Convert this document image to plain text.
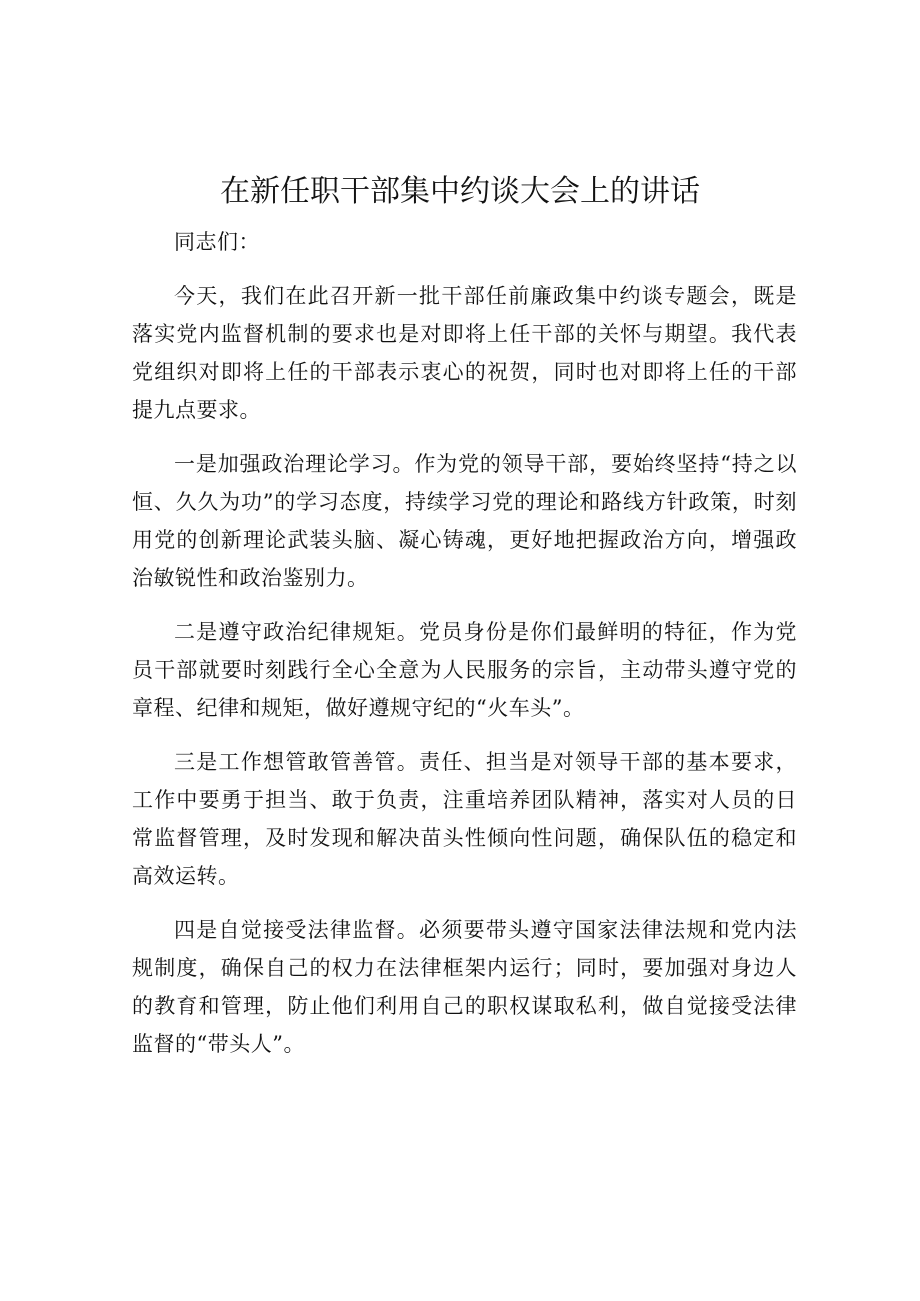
在新任职干部集中约谈大会上的讲话

同志们：

今天，我们在此召开新一批干部任前廉政集中约谈专题会，既是落实党内监督机制的要求也是对即将上任干部的关怀与期望。我代表党组织对即将上任的干部表示衷心的祝贺，同时也对即将上任的干部提九点要求。

一是加强政治理论学习。作为党的领导干部，要始终坚持“持之以恒、久久为功”的学习态度，持续学习党的理论和路线方针政策，时刻用党的创新理论武装头脑、凝心铸魂，更好地把握政治方向，增强政治敏锐性和政治鉴别力。

二是遵守政治纪律规矩。党员身份是你们最鲜明的特征，作为党员干部就要时刻践行全心全意为人民服务的宗旨，主动带头遵守党的章程、纪律和规矩，做好遵规守纪的“火车头”。

三是工作想管敢管善管。责任、担当是对领导干部的基本要求，工作中要勇于担当、敢于负责，注重培养团队精神，落实对人员的日常监督管理，及时发现和解决苗头性倾向性问题，确保队伍的稳定和高效运转。

四是自觉接受法律监督。必须要带头遵守国家法律法规和党内法规制度，确保自己的权力在法律框架内运行；同时，要加强对身边人的教育和管理，防止他们利用自己的职权谋取私利，做自觉接受法律监督的“带头人”。
